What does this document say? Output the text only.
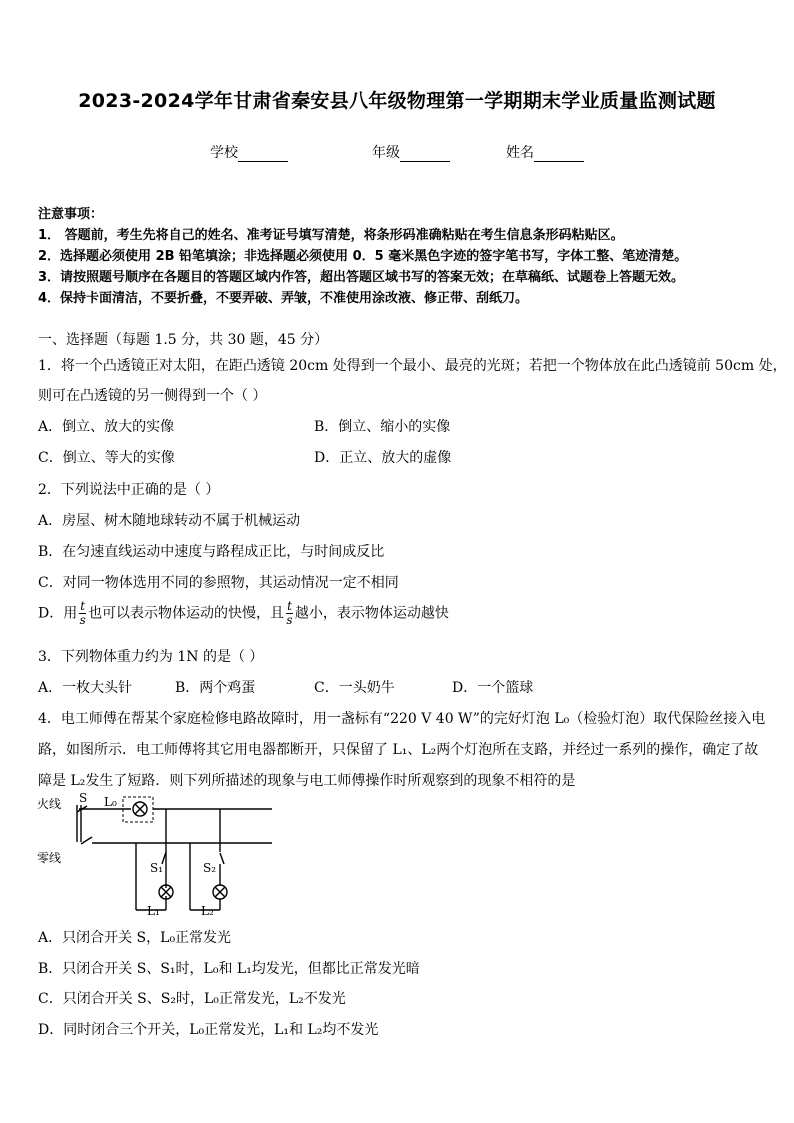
2023-2024学年甘肃省秦安县八年级物理第一学期期末学业质量监测试题
学校	年级	姓名
注意事项：
1． 答题前，考生先将自己的姓名、准考证号填写清楚，将条形码准确粘贴在考生信息条形码粘贴区。
2．选择题必须使用 2B 铅笔填涂；非选择题必须使用 0．5 毫米黑色字迹的签字笔书写，字体工整、笔迹清楚。
3．请按照题号顺序在各题目的答题区域内作答，超出答题区域书写的答案无效；在草稿纸、试题卷上答题无效。
4．保持卡面清洁，不要折叠，不要弄破、弄皱，不准使用涂改液、修正带、刮纸刀。
一、选择题（每题 1.5 分，共 30 题，45 分）
1．将一个凸透镜正对太阳，在距凸透镜 20cm 处得到一个最小、最亮的光斑；若把一个物体放在此凸透镜前 50cm 处，
则可在凸透镜的另一侧得到一个（ ）
A．倒立、放大的实像	B．倒立、缩小的实像
C．倒立、等大的实像	D．正立、放大的虚像
2．下列说法中正确的是（ ）
A．房屋、树木随地球转动不属于机械运动
B．在匀速直线运动中速度与路程成正比，与时间成反比
C．对同一物体选用不同的参照物，其运动情况一定不相同
D．用 $\frac{t}{s}$ 也可以表示物体运动的快慢，且 $\frac{t}{s}$ 越小，表示物体运动越快
3．下列物体重力约为 1N 的是（ ）
A．一枚大头针	B．两个鸡蛋	C．一头奶牛	D．一个篮球
4．电工师傅在帮某个家庭检修电路故障时，用一盏标有“220 V 40 W”的完好灯泡 L₀（检验灯泡）取代保险丝接入电
路，如图所示．电工师傅将其它用电器都断开，只保留了 L₁、L₂两个灯泡所在支路，并经过一系列的操作，确定了故
障是 L₂发生了短路．则下列所描述的现象与电工师傅操作时所观察到的现象不相符的是
火线
零线
S L₀
S₁	S₂
L₁	L₂
A．只闭合开关 S，L₀正常发光
B．只闭合开关 S、S₁时，L₀和 L₁均发光，但都比正常发光暗
C．只闭合开关 S、S₂时，L₀正常发光，L₂不发光
D．同时闭合三个开关，L₀正常发光，L₁和 L₂均不发光
